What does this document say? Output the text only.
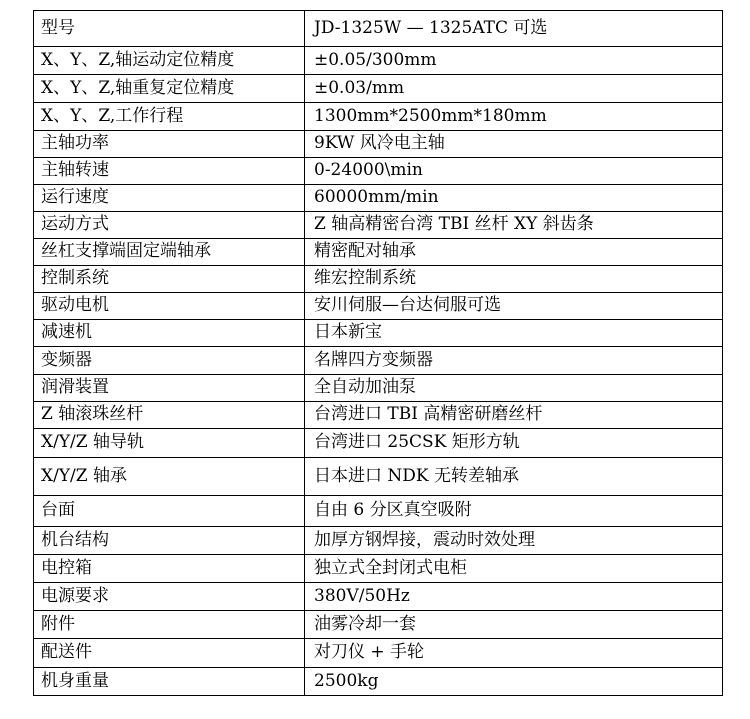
型号	JD-1325W — 1325ATC 可选
X、Y、Z,轴运动定位精度	±0.05/300mm
X、Y、Z,轴重复定位精度	±0.03/mm
X、Y、Z,工作行程	1300mm*2500mm*180mm
主轴功率	9KW 风冷电主轴
主轴转速	0-24000\min
运行速度	60000mm/min
运动方式	Z 轴高精密台湾 TBI 丝杆 XY 斜齿条
丝杠支撑端固定端轴承	精密配对轴承
控制系统	维宏控制系统
驱动电机	安川伺服—台达伺服可选
减速机	日本新宝
变频器	名牌四方变频器
润滑装置	全自动加油泵
Z 轴滚珠丝杆	台湾进口 TBI 高精密研磨丝杆
X/Y/Z 轴导轨	台湾进口 25CSK 矩形方轨
X/Y/Z 轴承	日本进口 NDK 无转差轴承
台面	自由 6 分区真空吸附
机台结构	加厚方钢焊接，震动时效处理
电控箱	独立式全封闭式电柜
电源要求	380V/50Hz
附件	油雾冷却一套
配送件	对刀仪 + 手轮
机身重量	2500kg
